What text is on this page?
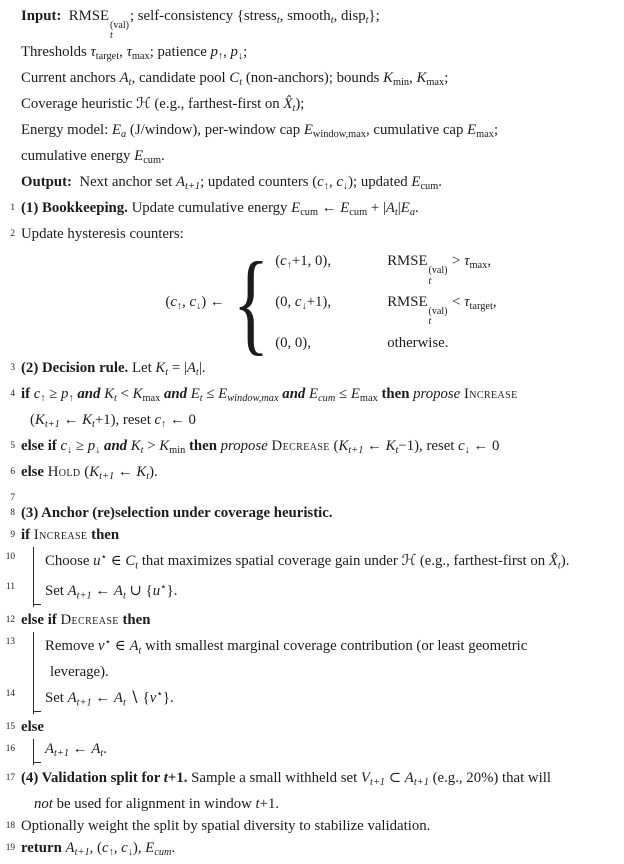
Input:  RMSE
(val)
t
; self-consistency {stress$_t$, smooth$_t$, disp$_t$};
Thresholds $\tau_{target}$, $\tau_{max}$; patience $p_↑$, $p_↓$;
Current anchors $A_t$, candidate pool $C_t$ (non-anchors); bounds $K_{min}$, $K_{max}$;
Coverage heuristic ℋ (e.g., farthest-first on $X̂_t$);
Energy model: $E_a$ (J/window), per-window cap $E_{window,max}$, cumulative cap $E_{max}$;
cumulative energy $E_{cum}$.
Output:  Next anchor set $A_{t+1}$; updated counters ($c_↑$, $c_↓$); updated $E_{cum}$.
1 (1) Bookkeeping. Update cumulative energy $E_{cum}$ ← $E_{cum} + |A_t|E_a$.
2 Update hysteresis counters:
($c_↑$, $c_↓$) ← { ($c_↑+1$, 0),	RMSE
(val)
t
> $\tau_{max}$,
(0, $c_↓+1$),	RMSE
(val)
t
< $\tau_{target}$,
(0, 0),	otherwise.
3 (2) Decision rule. Let $K_t = |A_t|$.
4 if $c_↑ \ge p_↑$ and $K_t < K_{max}$ and $E_t \le E_{window,max}$ and $E_{cum} \le E_{max}$ then propose Increase
($K_{t+1}$ ← $K_t+1$), reset $c_↑$ ← 0
5 else if $c_↓ \ge p_↓$ and $K_t > K_{min}$ then propose Decrease ($K_{t+1}$ ← $K_t-1$), reset $c_↓$ ← 0
6 else Hold ($K_{t+1}$ ← $K_t$).
7
8 (3) Anchor (re)selection under coverage heuristic.
9 if Increase then
10 Choose u⋆ ∈ $C_t$ that maximizes spatial coverage gain under ℋ (e.g., farthest-first on $X̂_t$).
11 Set $A_{t+1}$ ← $A_t$ ∪ {u⋆}.
12 else if Decrease then
13 Remove v⋆ ∈ $A_t$ with smallest marginal coverage contribution (or least geometric
leverage).
14 Set $A_{t+1}$ ← $A_t$ ∖ {v⋆}.
15 else
16 $A_{t+1}$ ← $A_t$.
17 (4) Validation split for t+1. Sample a small withheld set $V_{t+1}$ ⊂ $A_{t+1}$ (e.g., 20%) that will
not be used for alignment in window t+1.
18 Optionally weight the split by spatial diversity to stabilize validation.
19 return $A_{t+1}$, ($c_↑$, $c_↓$), $E_{cum}$.
